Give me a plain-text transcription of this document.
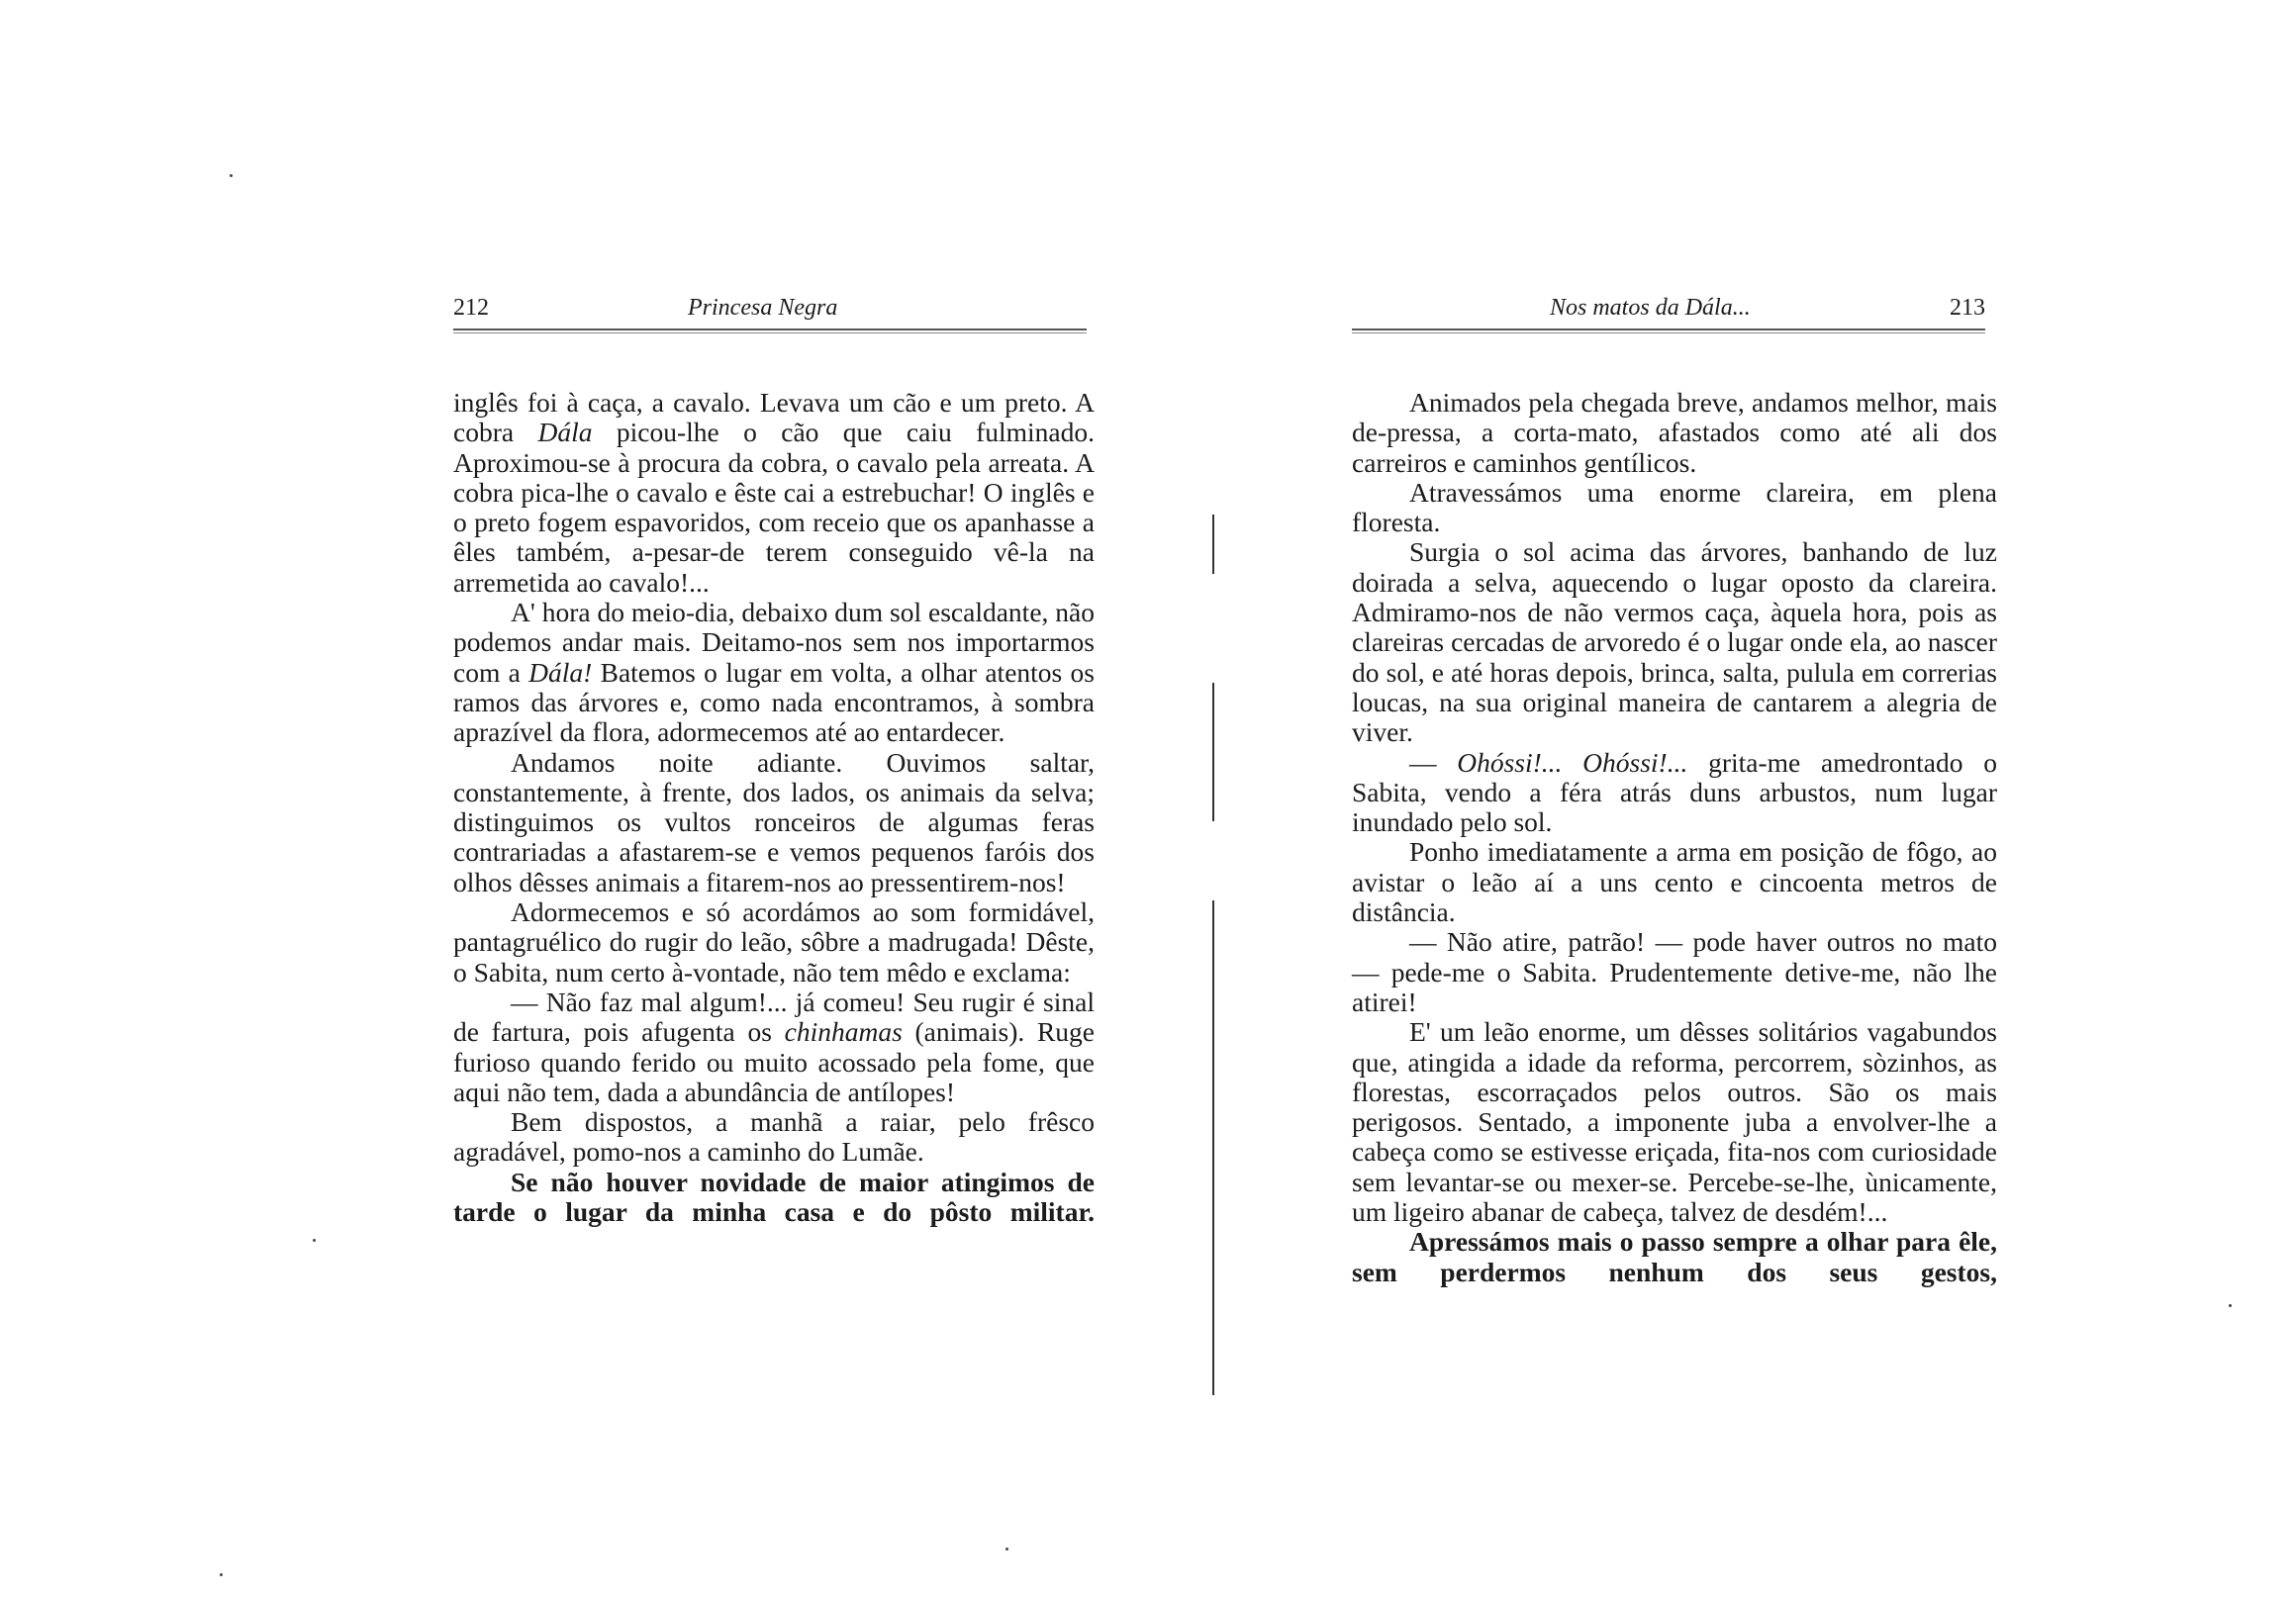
212	Princesa Negra

inglês foi à caça, a cavalo. Levava um cão e um preto. A cobra Dála picou-lhe o cão que caiu fulminado. Aproximou-se à procura da cobra, o cavalo pela arreata. A cobra pica-lhe o cavalo e êste cai a estrebuchar! O inglês e o preto fogem espavoridos, com receio que os apanhasse a êles também, a-pesar-de terem conseguido vê-la na arremetida ao cavalo!...

A' hora do meio-dia, debaixo dum sol escaldante, não podemos andar mais. Deitamo-nos sem nos importarmos com a Dála! Batemos o lugar em volta, a olhar atentos os ramos das árvores e, como nada encontramos, à sombra aprazível da flora, adormecemos até ao entardecer.

Andamos noite adiante. Ouvimos saltar, constantemente, à frente, dos lados, os animais da selva; distinguimos os vultos ronceiros de algumas feras contrariadas a afastarem-se e vemos pequenos faróis dos olhos dêsses animais a fitarem-nos ao pressentirem-nos!

Adormecemos e só acordámos ao som formidável, pantagruélico do rugir do leão, sôbre a madrugada! Dêste, o Sabita, num certo à-vontade, não tem mêdo e exclama:

— Não faz mal algum!... já comeu! Seu rugir é sinal de fartura, pois afugenta os chinhamas (animais). Ruge furioso quando ferido ou muito acossado pela fome, que aqui não tem, dada a abundância de antílopes!

Bem dispostos, a manhã a raiar, pelo frêsco agradável, pomo-nos a caminho do Lumãe.

Se não houver novidade de maior atingimos de tarde o lugar da minha casa e do pôsto militar.

Nos matos da Dála...	213

Animados pela chegada breve, andamos melhor, mais de-pressa, a corta-mato, afastados como até ali dos carreiros e caminhos gentílicos.

Atravessámos uma enorme clareira, em plena floresta.

Surgia o sol acima das árvores, banhando de luz doirada a selva, aquecendo o lugar oposto da clareira. Admiramo-nos de não vermos caça, àquela hora, pois as clareiras cercadas de arvoredo é o lugar onde ela, ao nascer do sol, e até horas depois, brinca, salta, pulula em correrias loucas, na sua original maneira de cantarem a alegria de viver.

— Ohóssi!... Ohóssi!... grita-me amedrontado o Sabita, vendo a féra atrás duns arbustos, num lugar inundado pelo sol.

Ponho imediatamente a arma em posição de fôgo, ao avistar o leão aí a uns cento e cincoenta metros de distância.

— Não atire, patrão! — pode haver outros no mato — pede-me o Sabita. Prudentemente detive-me, não lhe atirei!

E' um leão enorme, um dêsses solitários vagabundos que, atingida a idade da reforma, percorrem, sòzinhos, as florestas, escorraçados pelos outros. São os mais perigosos. Sentado, a imponente juba a envolver-lhe a cabeça como se estivesse eriçada, fita-nos com curiosidade sem levantar-se ou mexer-se. Percebe-se-lhe, ùnicamente, um ligeiro abanar de cabeça, talvez de desdém!...

Apressámos mais o passo sempre a olhar para êle, sem perdermos nenhum dos seus gestos,
